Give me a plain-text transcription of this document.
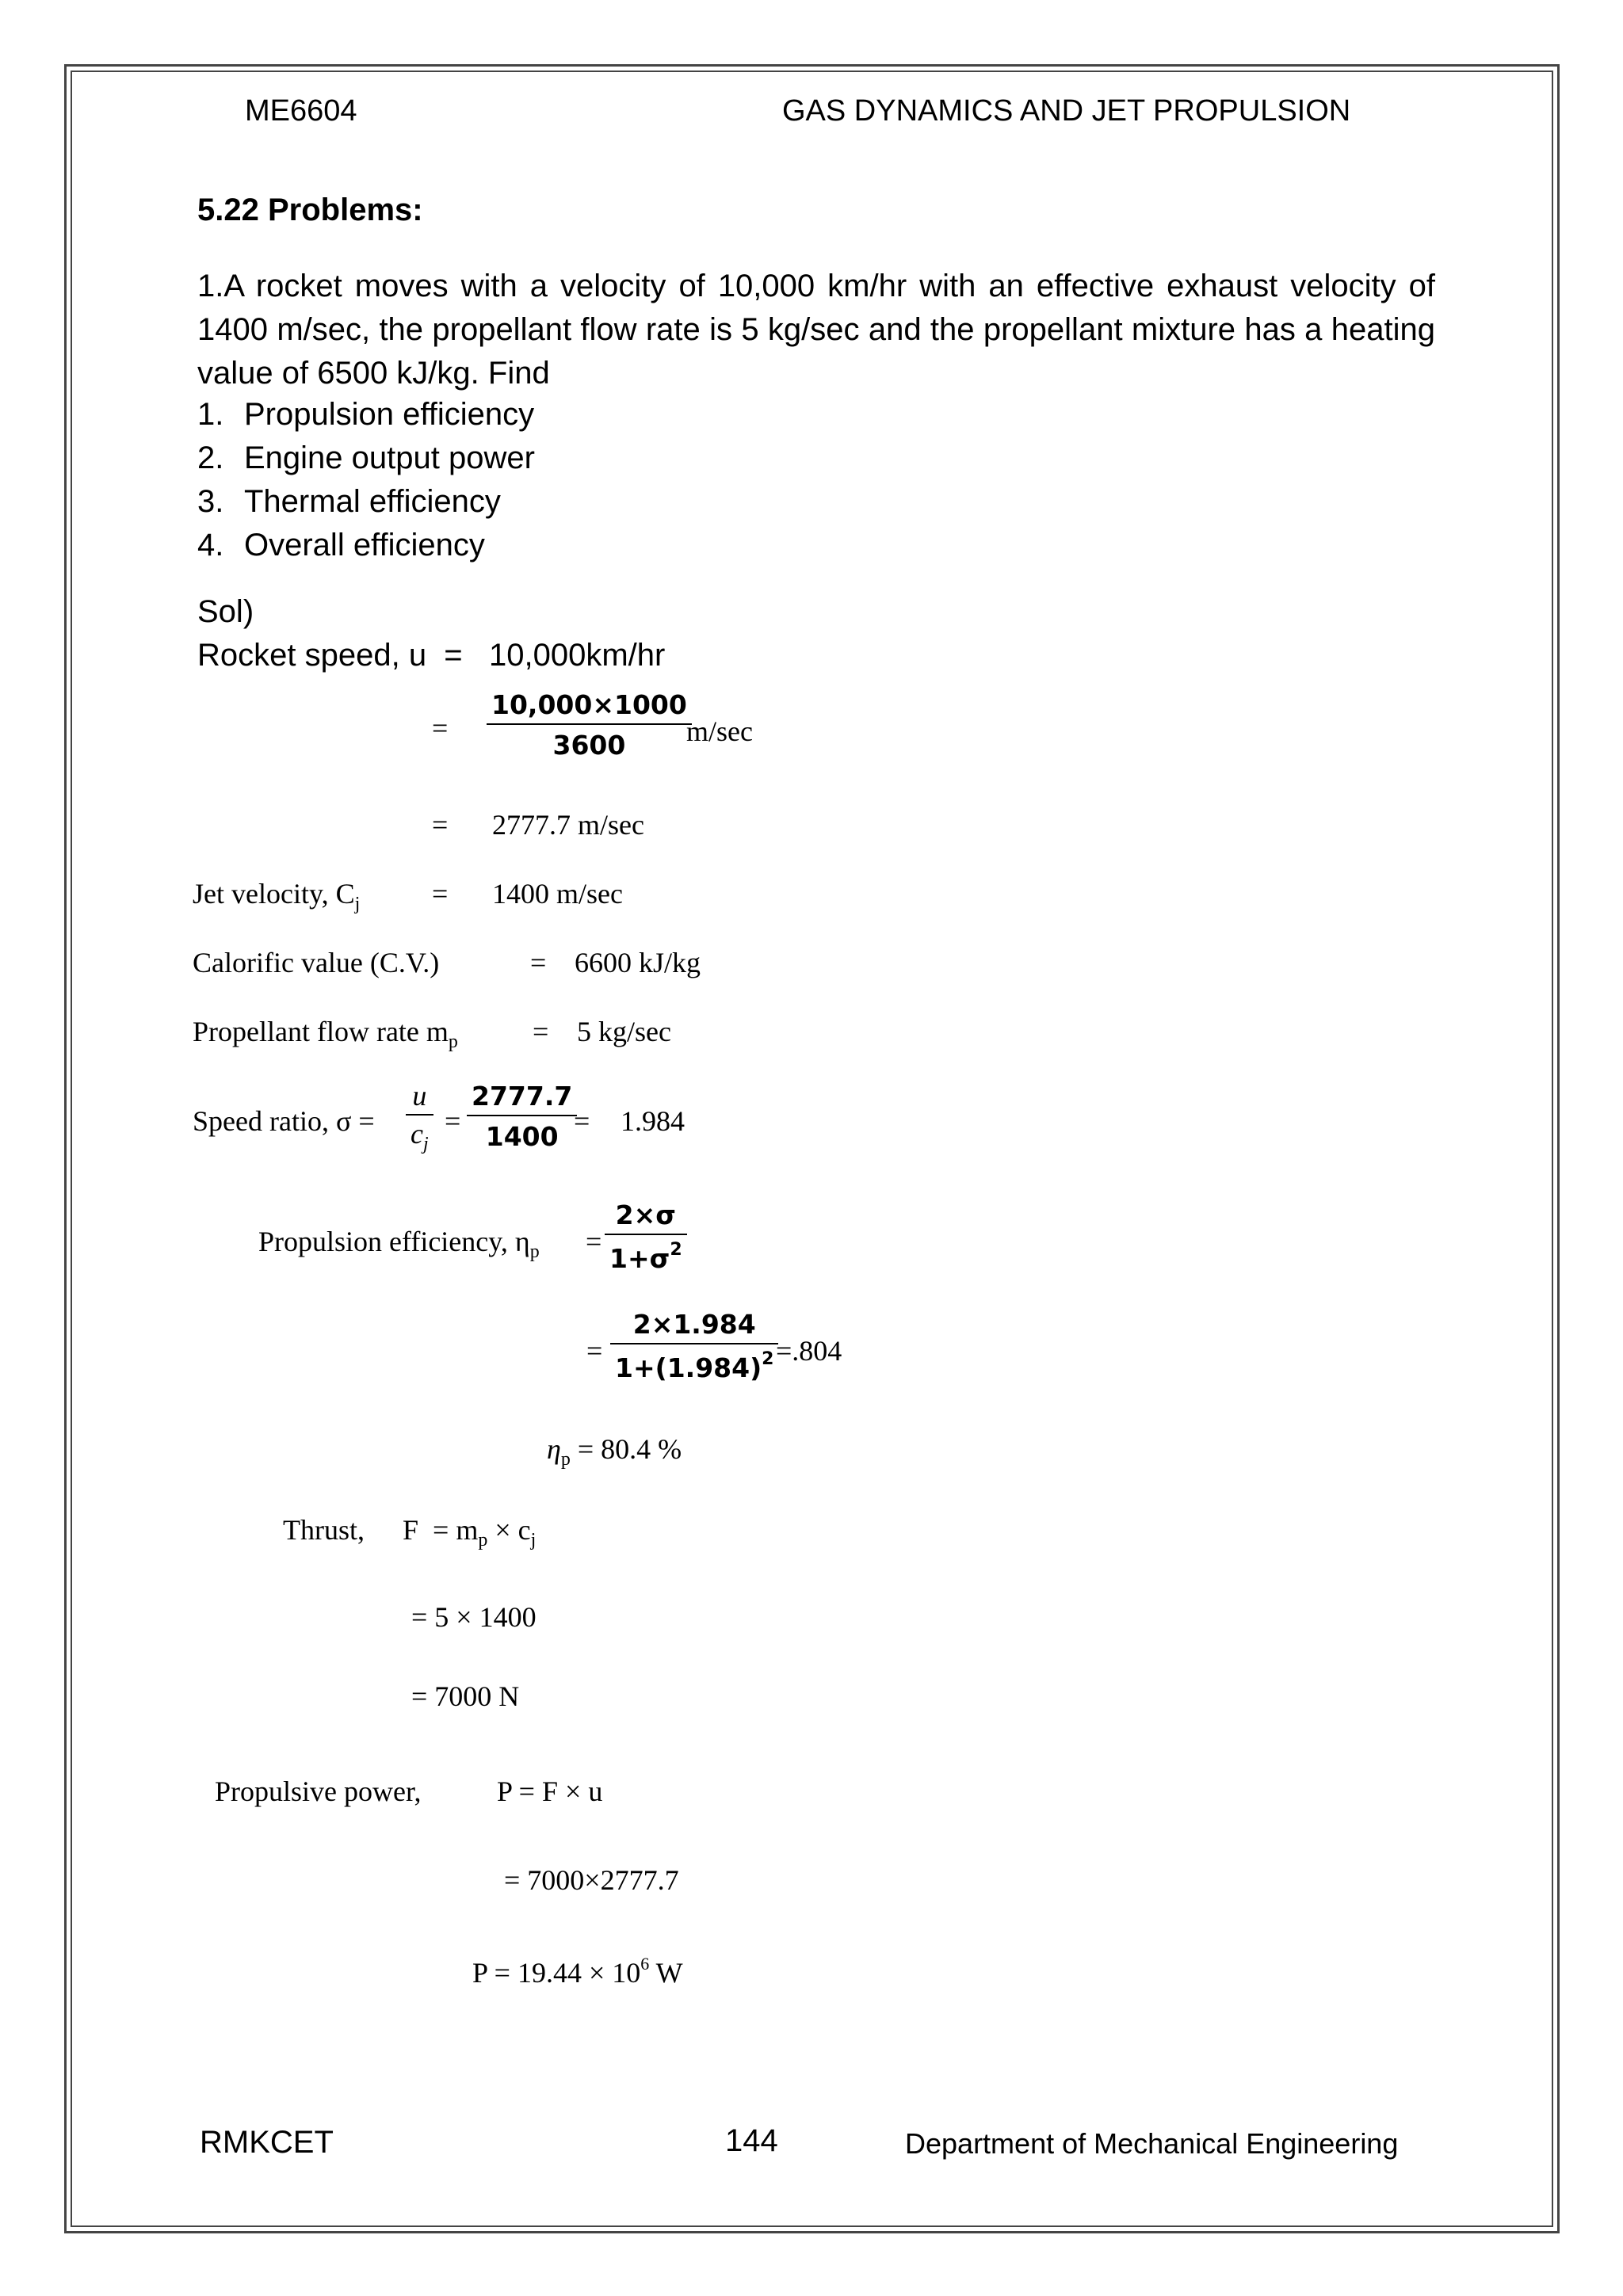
ME6604	GAS DYNAMICS AND JET PROPULSION
5.22 Problems:
1.A rocket moves with a velocity of 10,000 km/hr with an effective exhaust velocity of 1400 m/sec, the propellant flow rate is 5 kg/sec and the propellant mixture has a heating value of 6500 kJ/kg. Find
1. Propulsion efficiency
2. Engine output power
3. Thermal efficiency
4. Overall efficiency
Sol)
Rocket speed, u  =   10,000km/hr
=
10,000×1000
3600 m/sec
= 2777.7 m/sec
Jet velocity, $C_j$	= 1400 m/sec
Calorific value (C.V.)	= 6600 kJ/kg
Propellant flow rate $m_p$	= 5 kg/sec
Speed ratio, σ =
u
$c_j$
=
2777.7
1400 = 1.984
Propulsion efficiency, $\eta_p$ =
2×σ
$1+\sigma^2$
=
2×1.984
$1+(1.984)^2 =.804$
$\eta_p = 80.4$ %
Thrust, $F = m_p \times c_j$
= 5 × 1400
= 7000 N
Propulsive power,	P = F × u
= 7000×2777.7
$P = 19.44 \times 10^6$ W
RMKCET	144	Department of Mechanical Engineering
